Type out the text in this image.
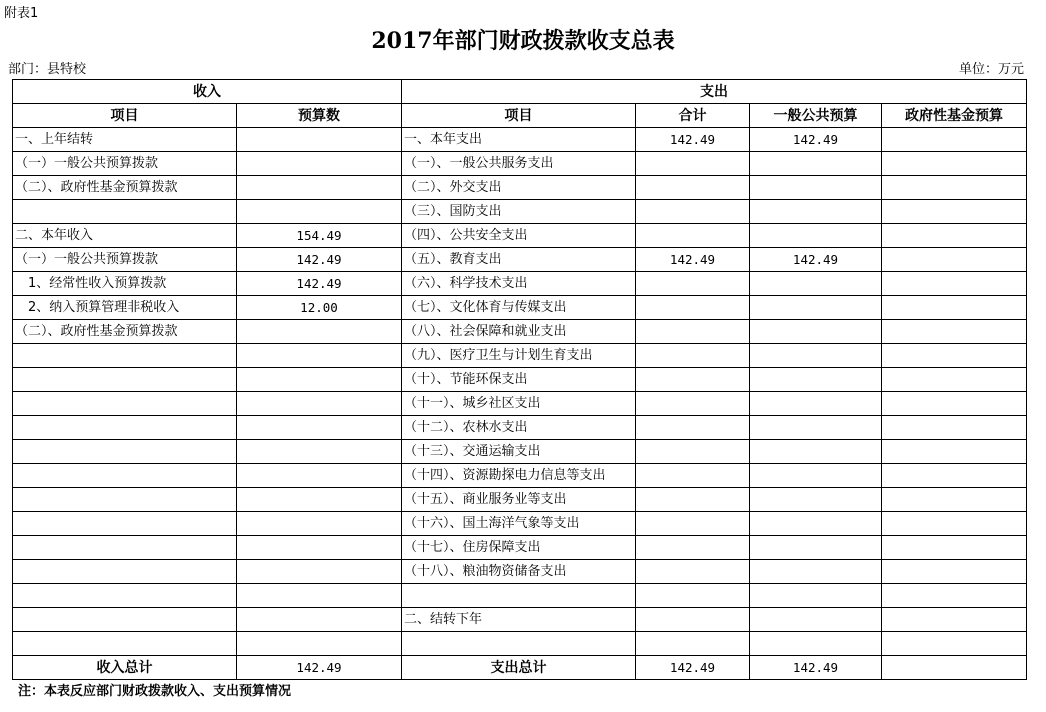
附表1
2017年部门财政拨款收支总表
部门：县特校	单位：万元
收入		支出			
项目	预算数	项目	合计	一般公共预算	政府性基金预算
一、上年结转		一、本年支出	142.49	142.49	
（一）一般公共预算拨款		（一）、一般公共服务支出			
（二）、政府性基金预算拨款		（二）、外交支出			
		（三）、国防支出			
二、本年收入	154.49	（四）、公共安全支出			
（一）一般公共预算拨款	142.49	（五）、教育支出	142.49	142.49	
　1、经常性收入预算拨款	142.49	（六）、科学技术支出			
　2、纳入预算管理非税收入	12.00	（七）、文化体育与传媒支出			
（二）、政府性基金预算拨款		（八）、社会保障和就业支出			
		（九）、医疗卫生与计划生育支出			
		（十）、节能环保支出			
		（十一）、城乡社区支出			
		（十二）、农林水支出			
		（十三）、交通运输支出			
		（十四）、资源勘探电力信息等支出			
		（十五）、商业服务业等支出			
		（十六）、国土海洋气象等支出			
		（十七）、住房保障支出			
		（十八）、粮油物资储备支出			

		二、结转下年			

收入总计	142.49	支出总计	142.49	142.49	
注：本表反应部门财政拨款收入、支出预算情况
